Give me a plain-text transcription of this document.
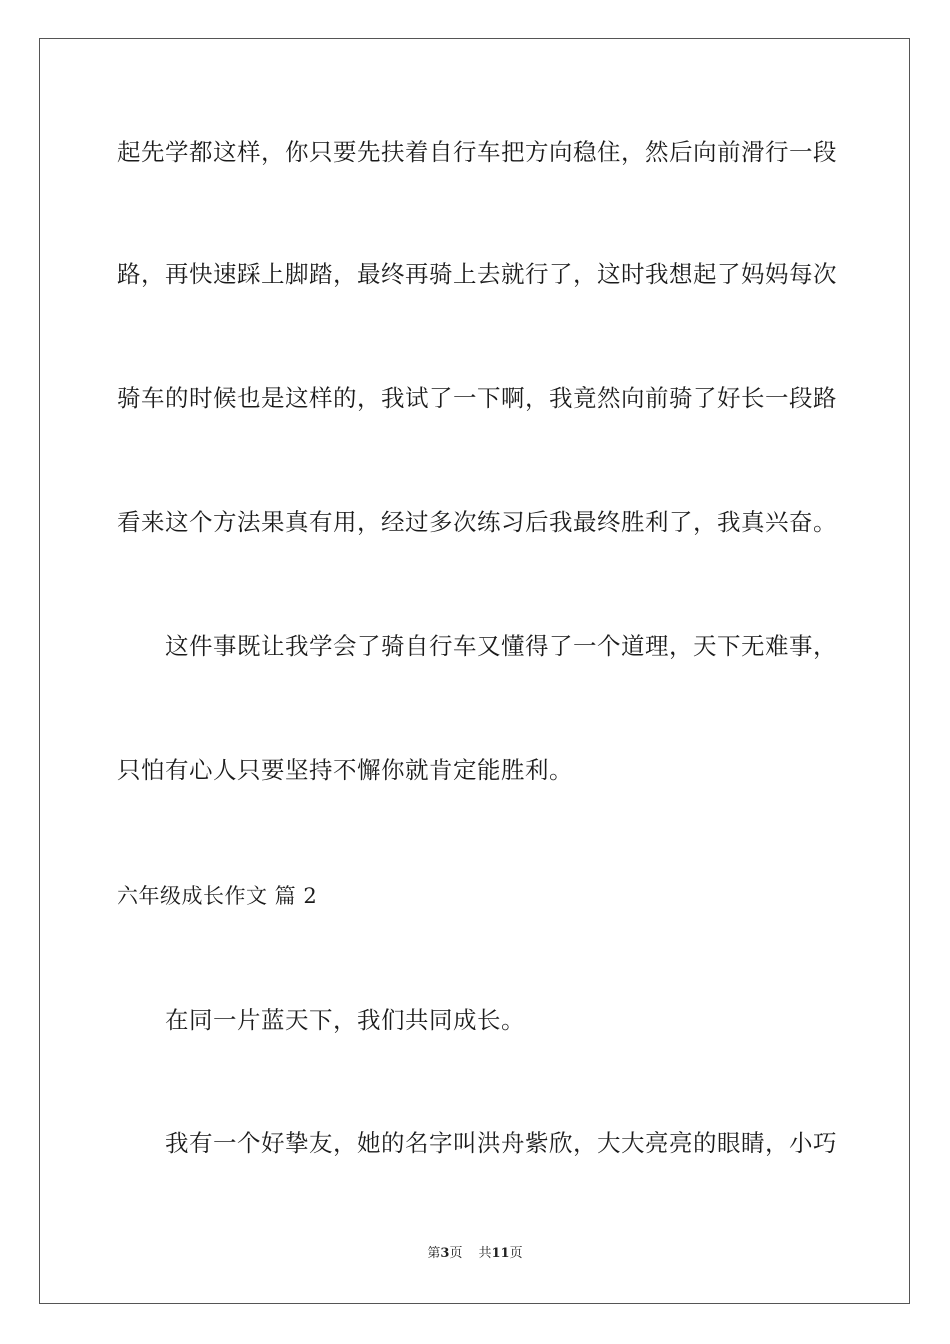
起先学都这样，你只要先扶着自行车把方向稳住，然后向前滑行一段
路，再快速踩上脚踏，最终再骑上去就行了，这时我想起了妈妈每次
骑车的时候也是这样的，我试了一下啊，我竟然向前骑了好长一段路
看来这个方法果真有用，经过多次练习后我最终胜利了，我真兴奋。
这件事既让我学会了骑自行车又懂得了一个道理，天下无难事，
只怕有心人只要坚持不懈你就肯定能胜利。
六年级成长作文 篇 2
在同一片蓝天下，我们共同成长。
我有一个好挚友，她的名字叫洪舟紫欣，大大亮亮的眼睛，小巧
第3页 共11页
